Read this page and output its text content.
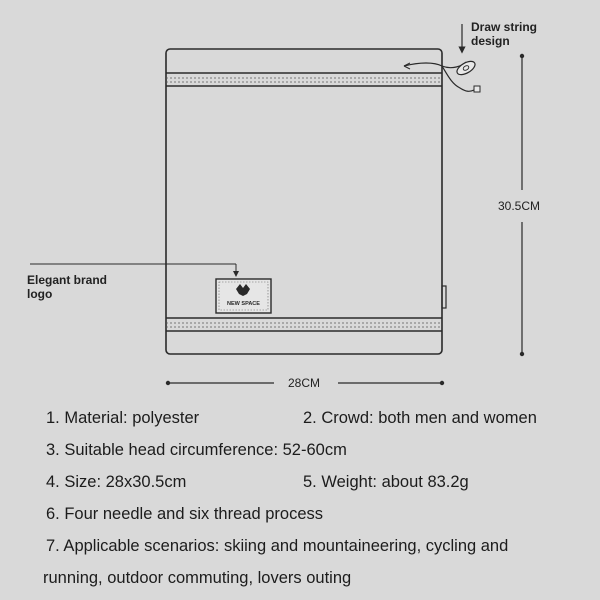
NEW SPACE
Draw string
design
Elegant brand
logo
30.5CM
28CM
1. Material: polyester	2. Crowd: both men and women
3. Suitable head circumference: 52-60cm
4. Size: 28x30.5cm	5. Weight: about 83.2g
6. Four needle and six thread process
7. Applicable scenarios: skiing and mountaineering, cycling and
running, outdoor commuting, lovers outing
